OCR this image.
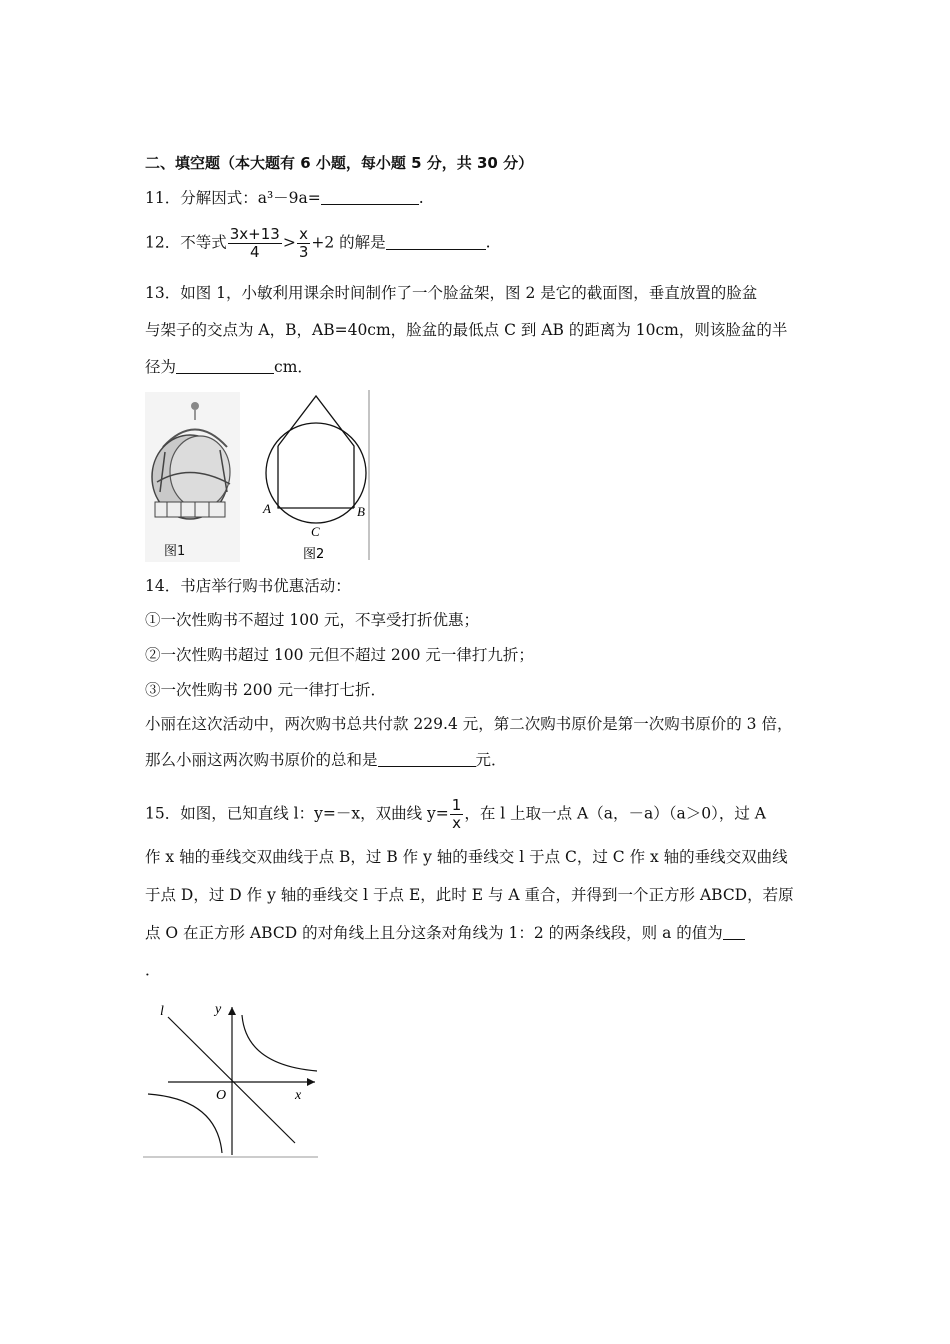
二、填空题（本大题有 6 小题，每小题 5 分，共 30 分）
11．分解因式：a³－9a=	.
12．不等式 $\frac{3x+13}{4} > \frac{x}{3} +2$ 的解是	.
13．如图 1，小敏利用课余时间制作了一个脸盆架，图 2 是它的截面图，垂直放置的脸盆
与架子的交点为 A，B，AB=40cm，脸盆的最低点 C 到 AB 的距离为 10cm，则该脸盆的半
径为	cm．
图1
A	B
C
图2
14．书店举行购书优惠活动：
①一次性购书不超过 100 元，不享受打折优惠；
②一次性购书超过 100 元但不超过 200 元一律打九折；
③一次性购书 200 元一律打七折．
小丽在这次活动中，两次购书总共付款 229.4 元，第二次购书原价是第一次购书原价的 3 倍，
那么小丽这两次购书原价的总和是	元．
15．如图，已知直线 l：y=－x，双曲线 $y= \frac{1}{x}$ ，在 l 上取一点 A（a，－a）（a＞0），过 A
作 x 轴的垂线交双曲线于点 B，过 B 作 y 轴的垂线交 l 于点 C，过 C 作 x 轴的垂线交双曲线
于点 D，过 D 作 y 轴的垂线交 l 于点 E，此时 E 与 A 重合，并得到一个正方形 ABCD，若原
点 O 在正方形 ABCD 的对角线上且分这条对角线为 1：2 的两条线段，则 a 的值为
．
l	y
x
O
